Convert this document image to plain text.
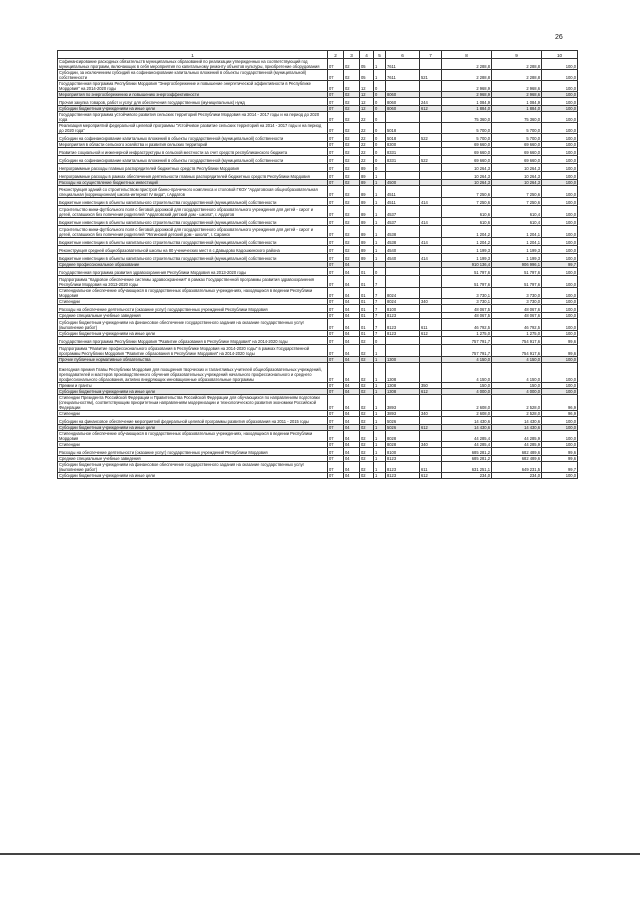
26
1	2	3	4	5	6	7	8	9	10
Софинансирование расходных обязательств муниципальных образований по реализации утвержденных на соответствующий год муниципальных программ, включающих в себя мероприятия по капитальному ремонту объектов культуры, приобретение оборудования	07	02	05	1	7611		2 288,8	2 288,8	100,0
Субсидии, за исключением субсидий на софинансирование капитальных вложений в объекты государственной (муниципальной) собственности	07	02	05	1	7611	521	2 288,8	2 288,8	100,0
Государственная программа Республики Мордовия "Энергосбережение и повышение энергетической эффективности в Республике Мордовия" на 2014-2020 годы	07	02	12	0			2 968,9	2 968,6	100,0
Мероприятия по энергосбережению и повышению энергоэффективности	07	02	12	0	8060		2 968,9	2 968,6	100,0
Прочая закупка товаров, работ и услуг для обеспечения государственных (муниципальных) нужд	07	02	12	0	8060	244	1 084,9	1 084,9	100,0
Субсидии бюджетным учреждениям на иные цели	07	02	12	0	8060	612	1 884,0	1 884,0	100,0
Государственная программа устойчивого развития сельских территорий Республики Мордовия на 2014 - 2017 годы и на период до 2020 года	07	02	22	0			75 360,0	75 360,0	100,0
Реализация мероприятий федеральной целевой программы "Устойчивое развитие сельских территорий на 2014 - 2017 годы и на период до 2020 года"	07	02	22	0	5018		5 700,0	5 700,0	100,0
Субсидии на софинансирование капитальных вложений в объекты государственной (муниципальной) собственности	07	02	22	0	5018	522	5 700,0	5 700,0	100,0
Мероприятия в области сельского хозяйства и развития сельских территорий	07	02	22	0	8300		69 660,0	69 660,0	100,0
Развитие социальной и инженерной инфраструктуры в сельской местности за счет средств республиканского бюджета	07	02	22	0	8331		69 660,0	69 660,0	100,0
Субсидии на софинансирование капитальных вложений в объекты государственной (муниципальной) собственности	07	02	22	0	8331	522	69 660,0	69 660,0	100,0
Непрограммные расходы главных распорядителей бюджетных средств Республики Мордовия	07	02	89	0			10 264,3	10 264,3	100,0
Непрограммные расходы в рамках обеспечения деятельности главных распорядителей бюджетных средств Республики Мордовия	07	02	89	1			10 264,3	10 264,3	100,0
Расходы на осуществление бюджетных инвестиций	07	02	89	1	4500		10 264,3	10 264,3	100,0
Реконструкция зданий со строительством пристроя банно-прачечного комплекса и столовой ГКОУ "Ардатовская общеобразовательная специальная (коррекционная) школа-интернат IV вида", г.Ардатов	07	02	89	1	4511		7 250,6	7 250,6	100,0
Бюджетные инвестиции в объекты капитального строительства государственной (муниципальной) собственности	07	02	89	1	4511	414	7 250,6	7 250,6	100,0
Строительство мини-футбольного поля с беговой дорожкой для государственного образовательного учреждения для детей - сирот и детей, оставшихся без попечения родителей "Ардатовский детский дом - школа", г. Ардатов	07	02	89	1	4537		610,6	610,4	100,0
Бюджетные инвестиции в объекты капитального строительства государственной (муниципальной) собственности	07	02	89	1	4537	414	610,6	610,4	100,0
Строительство мини-футбольного поля с беговой дорожкой для государственного образовательного учреждения для детей - сирот и детей, оставшихся без попечения родителей "Ялгинский детский дом - школа", г. Саранск	07	02	89	1	4538		1 204,2	1 204,1	100,0
Бюджетные инвестиции в объекты капитального строительства государственной (муниципальной) собственности	07	02	89	1	4538	414	1 204,2	1 204,1	100,0
Реконструкция средней общеобразовательной школы на 80 ученических мест в с.Давыдово Кадошкинского района	07	02	89	1	4540		1 199,3	1 199,3	100,0
Бюджетные инвестиции в объекты капитального строительства государственной (муниципальной) собственности	07	02	89	1	4540	414	1 199,3	1 199,3	100,0
Среднее профессиональное образование	07	04					910 136,4	906 996,1	99,7
Государственная программа развития здравоохранения Республики Мордовия на 2013-2020 годы	07	04	01	0			51 797,6	51 797,6	100,0
Подпрограмма "Кадровое обеспечение системы здравоохранения" в рамках Государственной программы развития здравоохранения Республики Мордовия на 2013-2020 годы	07	04	01	7			51 797,6	51 797,6	100,0
Стипендиальное обеспечение обучающихся в государственных образовательных учреждениях, находящихся в ведении Республики Мордовия	07	04	01	7	8024		3 730,1	3 730,0	100,0
Стипендии	07	04	01	7	8024	340	3 730,1	3 730,0	100,0
Расходы на обеспечение деятельности (оказание услуг) государственных учреждений Республики Мордовия	07	04	01	7	8100		48 067,5	48 067,6	100,0
Средние специальные учебные заведения	07	04	01	7	8123		48 067,5	48 067,6	100,0
Субсидии бюджетным учреждениям на финансовое обеспечение государственного задания на оказание государственных услуг (выполнение работ)	07	04	01	7	8123	611	46 792,5	46 792,5	100,0
Субсидии бюджетным учреждениям на иные цели	07	04	01	7	8123	612	1 275,0	1 275,0	100,0
Государственная программа Республики Мордовия "Развитие образования в Республике Мордовия" на 2014-2020 годы	07	04	02	0			757 791,7	754 917,6	99,6
Подпрограмма "Развитие профессионального образования в Республике Мордовия на 2014-2020 годы" в рамках Государственной программы Республики Мордовия "Развитие образования в Республике Мордовия" на 2014-2020 годы	07	04	02	1			757 791,7	754 917,6	99,6
Прочие публичные нормативные обязательства	07	04	02	1	1300		4 150,0	4 150,0	100,0
Ежегодная премия Главы Республики Мордовия для поощрения творческих и талантливых учителей общеобразовательных учреждений, преподавателей и мастеров производственного обучения образовательных учреждений начального профессионального и среднего профессионального образования, активно внедряющих инновационные образовательные программы	07	04	02	1	1308		4 150,0	4 150,0	100,0
Премии и гранты	07	04	02	1	1308	350	150,0	150,0	100,0
Субсидии бюджетным учреждениям на иные цели	07	04	02	1	1308	612	4 000,0	4 000,0	100,0
Стипендии Президента Российской Федерации и Правительства Российской Федерации для обучающихся по направлениям подготовки (специальностям), соответствующим приоритетным направлениям модернизации и технологического развития экономики Российской Федерации	07	04	02	1	3893		2 608,0	2 528,0	96,9
Стипендии	07	04	02	1	3893	340	2 608,0	2 528,0	96,9
Субсидии на финансовое обеспечение мероприятий федеральной целевой программы развития образования на 2011 - 2015 годы	07	04	02	1	5026		14 430,6	14 430,6	100,0
Субсидии бюджетным учреждениям на иные цели	07	04	02	1	5026	612	14 430,6	14 430,6	100,0
Стипендиальное обеспечение обучающихся в государственных образовательных учреждениях, находящихся в ведении Республики Мордовия	07	04	02	1	8028		44 285,4	44 285,9	100,0
Стипендии	07	04	02	1	8028	340	44 285,4	44 285,9	100,0
Расходы на обеспечение деятельности (оказание услуг) государственных учреждений Республики Мордовия	07	04	02	1	8100		685 281,2	682 489,6	99,6
Средние специальные учебные заведения	07	04	02	1	8123		685 281,2	682 489,6	99,6
Субсидии бюджетным учреждениям на финансовое обеспечение государственного задания на оказание государственных услуг (выполнение работ)	07	04	02	1	8123	611	631 251,1	649 231,5	99,7
Субсидии бюджетным учреждениям на иные цели	07	04	02	1	8123	612	234,0	234,0	100,0
